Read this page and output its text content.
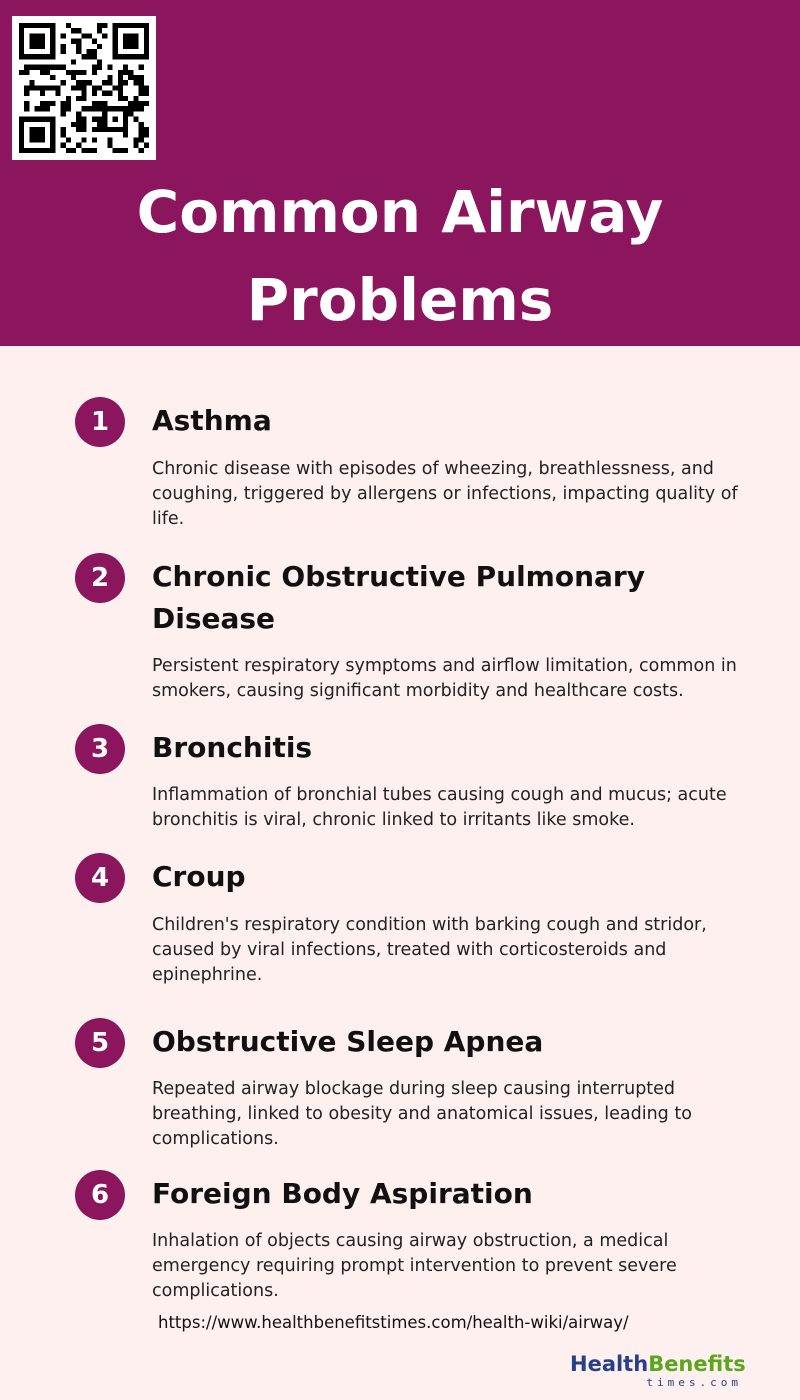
Common Airway
Problems
1	Asthma
Chronic disease with episodes of wheezing, breathlessness, and coughing, triggered by allergens or infections, impacting quality of life.
2	Chronic Obstructive Pulmonary Disease
Persistent respiratory symptoms and airflow limitation, common in smokers, causing significant morbidity and healthcare costs.
3	Bronchitis
Inflammation of bronchial tubes causing cough and mucus; acute bronchitis is viral, chronic linked to irritants like smoke.
4	Croup
Children's respiratory condition with barking cough and stridor, caused by viral infections, treated with corticosteroids and epinephrine.
5	Obstructive Sleep Apnea
Repeated airway blockage during sleep causing interrupted breathing, linked to obesity and anatomical issues, leading to complications.
6	Foreign Body Aspiration
Inhalation of objects causing airway obstruction, a medical emergency requiring prompt intervention to prevent severe complications.
https://www.healthbenefitstimes.com/health-wiki/airway/
HealthBenefits
times.com
